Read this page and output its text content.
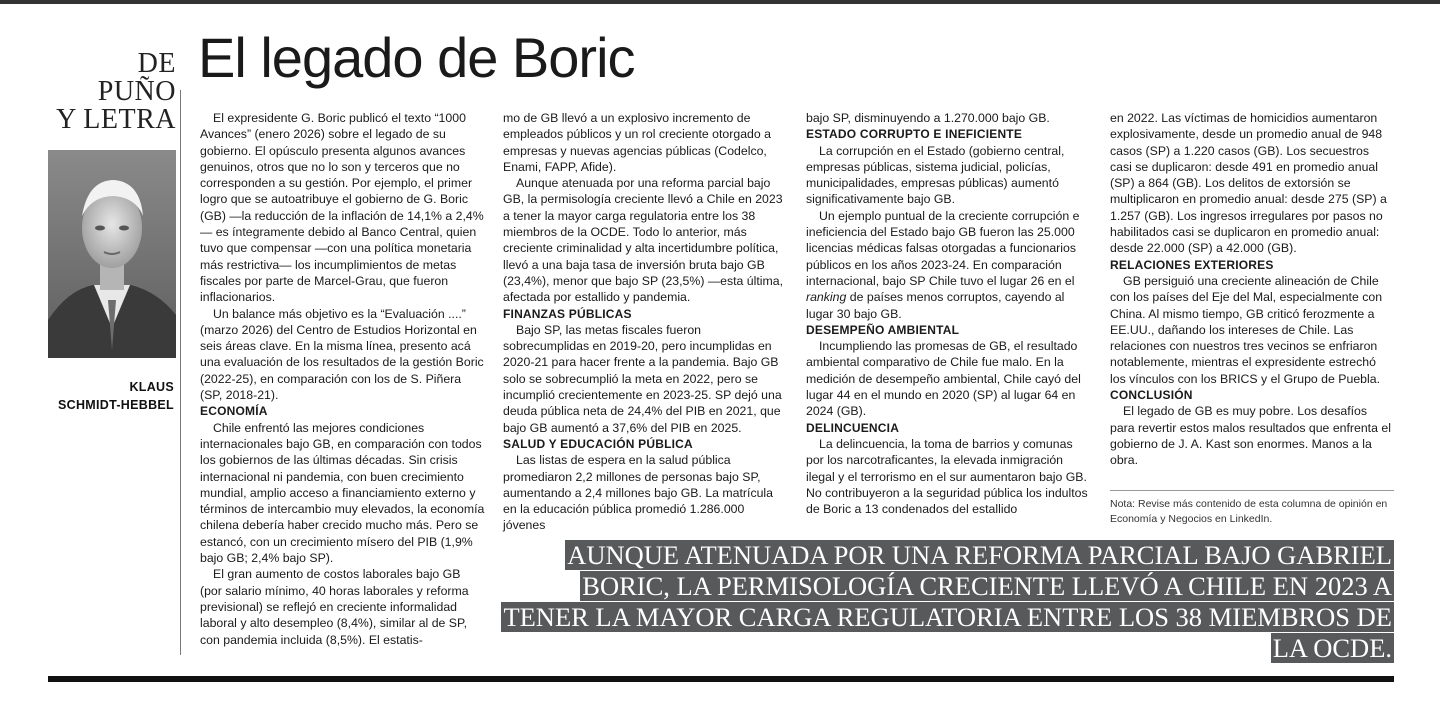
DE
PUÑO
Y LETRA
KLAUS
SCHMIDT-HEBBEL
El legado de Boric

El expresidente G. Boric publicó el texto “1000 Avances” (enero 2026) sobre el legado de su gobierno. El opúsculo presenta algunos avances genuinos, otros que no lo son y terceros que no corresponden a su gestión. Por ejemplo, el primer logro que se autoatribuye el gobierno de G. Boric (GB) —la reducción de la inflación de 14,1% a 2,4%— es íntegramente debido al Banco Central, quien tuvo que compensar —con una política monetaria más restrictiva— los incumplimientos de metas fiscales por parte de Marcel-Grau, que fueron inflacionarios.

Un balance más objetivo es la “Evaluación ....” (marzo 2026) del Centro de Estudios Horizontal en seis áreas clave. En la misma línea, presento acá una evaluación de los resultados de la gestión Boric (2022-25), en comparación con los de S. Piñera (SP, 2018-21).

ECONOMÍA

Chile enfrentó las mejores condiciones internacionales bajo GB, en comparación con todos los gobiernos de las últimas décadas. Sin crisis internacional ni pandemia, con buen crecimiento mundial, amplio acceso a financiamiento externo y términos de intercambio muy elevados, la economía chilena debería haber crecido mucho más. Pero se estancó, con un crecimiento mísero del PIB (1,9% bajo GB; 2,4% bajo SP).

El gran aumento de costos laborales bajo GB (por salario mínimo, 40 horas laborales y reforma previsional) se reflejó en creciente informalidad laboral y alto desempleo (8,4%), similar al de SP, con pandemia incluida (8,5%). El estatis-

mo de GB llevó a un explosivo incremento de empleados públicos y un rol creciente otorgado a empresas y nuevas agencias públicas (Codelco, Enami, FAPP, Afide).

Aunque atenuada por una reforma parcial bajo GB, la permisología creciente llevó a Chile en 2023 a tener la mayor carga regulatoria entre los 38 miembros de la OCDE. Todo lo anterior, más creciente criminalidad y alta incertidumbre política, llevó a una baja tasa de inversión bruta bajo GB (23,4%), menor que bajo SP (23,5%) —esta última, afectada por estallido y pandemia.

FINANZAS PÚBLICAS

Bajo SP, las metas fiscales fueron sobrecumplidas en 2019-20, pero incumplidas en 2020-21 para hacer frente a la pandemia. Bajo GB solo se sobrecumplió la meta en 2022, pero se incumplió crecientemente en 2023-25. SP dejó una deuda pública neta de 24,4% del PIB en 2021, que bajo GB aumentó a 37,6% del PIB en 2025.

SALUD Y EDUCACIÓN PÚBLICA

Las listas de espera en la salud pública promediaron 2,2 millones de personas bajo SP, aumentando a 2,4 millones bajo GB. La matrícula en la educación pública promedió 1.286.000 jóvenes

bajo SP, disminuyendo a 1.270.000 bajo GB.

ESTADO CORRUPTO E INEFICIENTE

La corrupción en el Estado (gobierno central, empresas públicas, sistema judicial, policías, municipalidades, empresas públicas) aumentó significativamente bajo GB.

Un ejemplo puntual de la creciente corrupción e ineficiencia del Estado bajo GB fueron las 25.000 licencias médicas falsas otorgadas a funcionarios públicos en los años 2023-24. En comparación internacional, bajo SP Chile tuvo el lugar 26 en el ranking de países menos corruptos, cayendo al lugar 30 bajo GB.

DESEMPEÑO AMBIENTAL

Incumpliendo las promesas de GB, el resultado ambiental comparativo de Chile fue malo. En la medición de desempeño ambiental, Chile cayó del lugar 44 en el mundo en 2020 (SP) al lugar 64 en 2024 (GB).

DELINCUENCIA

La delincuencia, la toma de barrios y comunas por los narcotraficantes, la elevada inmigración ilegal y el terrorismo en el sur aumentaron bajo GB. No contribuyeron a la seguridad pública los indultos de Boric a 13 condenados del estallido

en 2022. Las víctimas de homicidios aumentaron explosivamente, desde un promedio anual de 948 casos (SP) a 1.220 casos (GB). Los secuestros casi se duplicaron: desde 491 en promedio anual (SP) a 864 (GB). Los delitos de extorsión se multiplicaron en promedio anual: desde 275 (SP) a 1.257 (GB). Los ingresos irregulares por pasos no habilitados casi se duplicaron en promedio anual: desde 22.000 (SP) a 42.000 (GB).

RELACIONES EXTERIORES

GB persiguió una creciente alineación de Chile con los países del Eje del Mal, especialmente con China. Al mismo tiempo, GB criticó ferozmente a EE.UU., dañando los intereses de Chile. Las relaciones con nuestros tres vecinos se enfriaron notablemente, mientras el expresidente estrechó los vínculos con los BRICS y el Grupo de Puebla.

CONCLUSIÓN

El legado de GB es muy pobre. Los desafíos para revertir estos malos resultados que enfrenta el gobierno de J. A. Kast son enormes. Manos a la obra.

Nota: Revise más contenido de esta columna de opinión en Economía y Negocios en LinkedIn.
AUNQUE ATENUADA POR UNA REFORMA PARCIAL BAJO GABRIEL BORIC, LA PERMISOLOGÍA CRECIENTE LLEVÓ A CHILE EN 2023 A TENER LA MAYOR CARGA REGULATORIA ENTRE LOS 38 MIEMBROS DE LA OCDE.
